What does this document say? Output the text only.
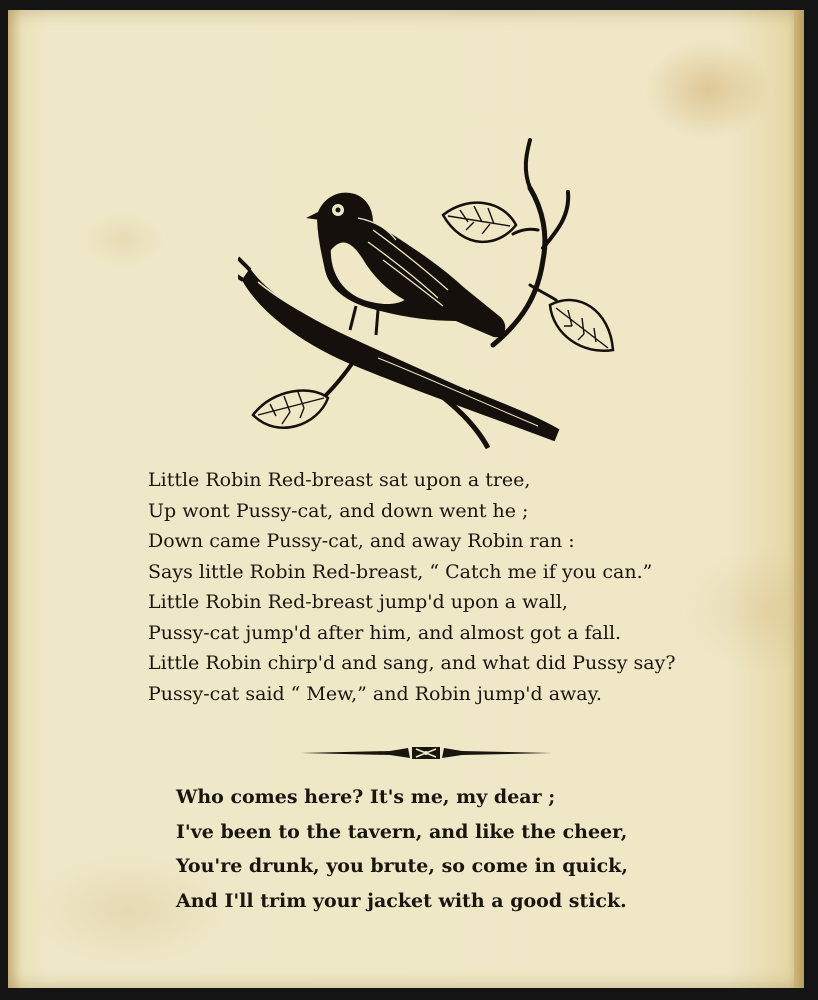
Little Robin Red-breast sat upon a tree,
Up wont Pussy-cat, and down went he ;
Down came Pussy-cat, and away Robin ran :
Says little Robin Red-breast, “ Catch me if you can.”
Little Robin Red-breast jump'd upon a wall,
Pussy-cat jump'd after him, and almost got a fall.
Little Robin chirp'd and sang, and what did Pussy say?
Pussy-cat said “ Mew,” and Robin jump'd away.
Who comes here? It's me, my dear ;
I've been to the tavern, and like the cheer,
You're drunk, you brute, so come in quick,
And I'll trim your jacket with a good stick.
